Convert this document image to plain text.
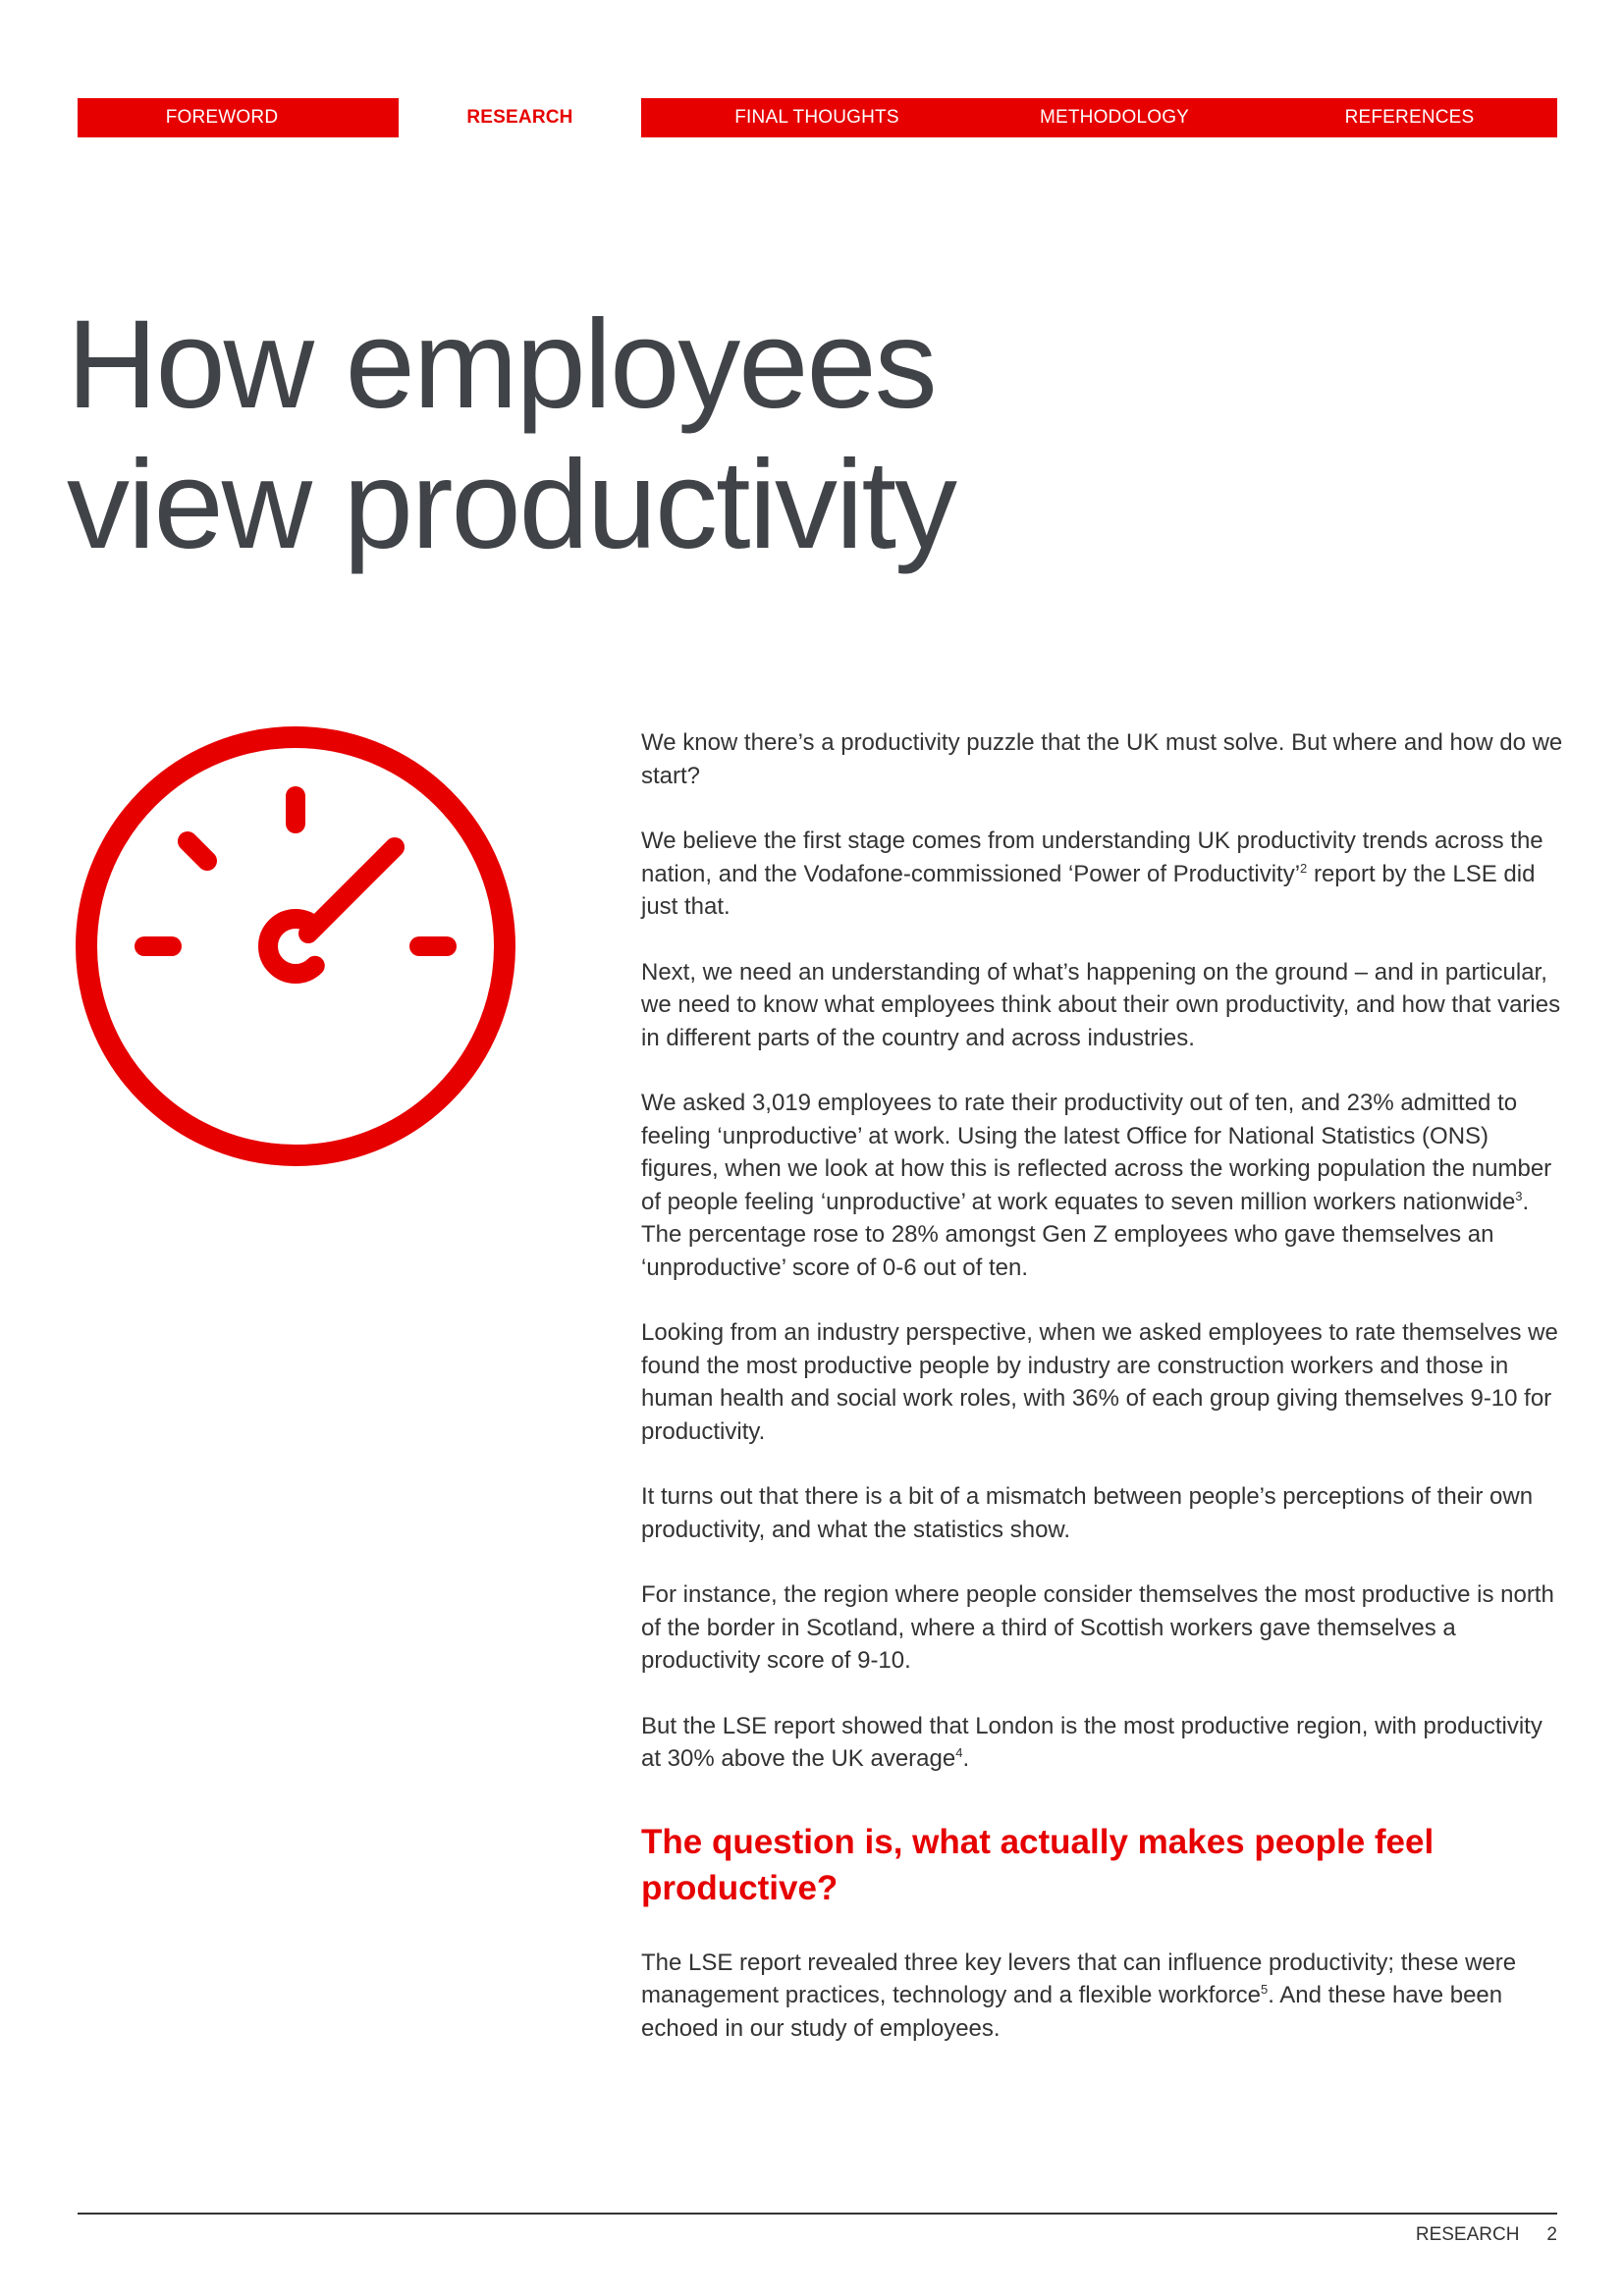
FOREWORD	RESEARCH	FINAL THOUGHTS	METHODOLOGY	REFERENCES
How employees
view productivity

We know there’s a productivity puzzle that the UK must solve. But where and how do we start?

We believe the first stage comes from understanding UK productivity trends across the nation, and the Vodafone-commissioned ‘Power of Productivity’$^2$ report by the LSE did just that.

Next, we need an understanding of what’s happening on the ground – and in particular, we need to know what employees think about their own productivity, and how that varies in different parts of the country and across industries.

We asked 3,019 employees to rate their productivity out of ten, and 23% admitted to feeling ‘unproductive’ at work. Using the latest Office for National Statistics (ONS) figures, when we look at how this is reflected across the working population the number of people feeling ‘unproductive’ at work equates to seven million workers nationwide$^3$. The percentage rose to 28% amongst Gen Z employees who gave themselves an ‘unproductive’ score of 0-6 out of ten.

Looking from an industry perspective, when we asked employees to rate themselves we found the most productive people by industry are construction workers and those in human health and social work roles, with 36% of each group giving themselves 9-10 for productivity.

It turns out that there is a bit of a mismatch between people’s perceptions of their own productivity, and what the statistics show.

For instance, the region where people consider themselves the most productive is north of the border in Scotland, where a third of Scottish workers gave themselves a productivity score of 9-10.

But the LSE report showed that London is the most productive region, with productivity at 30% above the UK average$^4$.

The question is, what actually makes people feel productive?

The LSE report revealed three key levers that can influence productivity; these were management practices, technology and a flexible workforce$^5$. And these have been echoed in our study of employees.

RESEARCH 2
